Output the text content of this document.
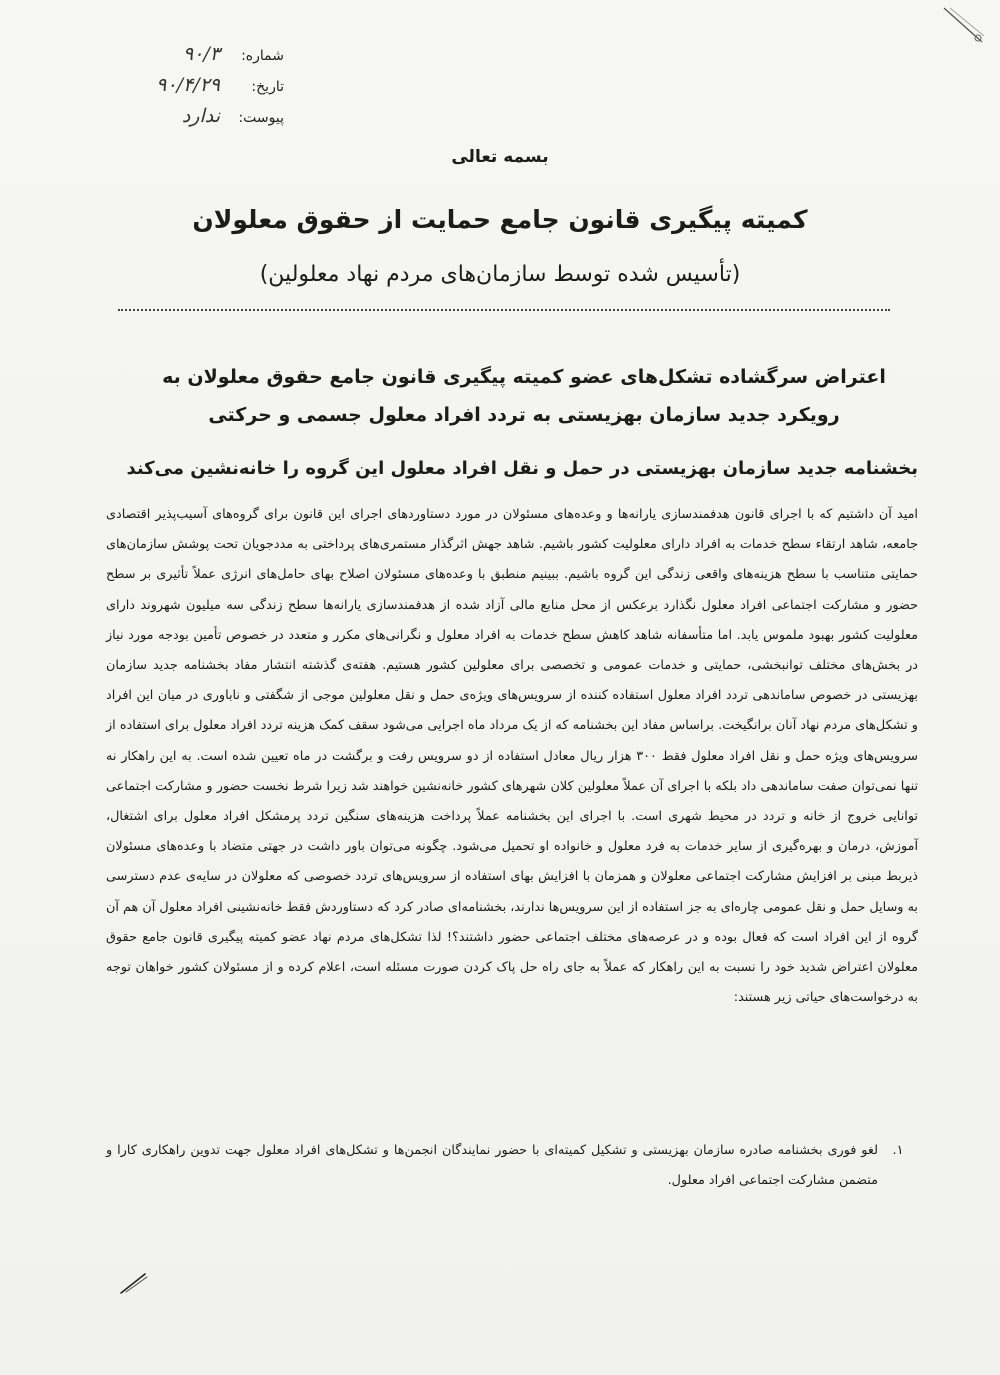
شماره:
۹۰/۳
تاریخ:
۹۰/۴/۲۹
پیوست:
ندارد
بسمه تعالی
کمیته پیگیری قانون جامع حمایت از حقوق معلولان
(تأسیس شده توسط سازمان‌های مردم نهاد معلولین)
اعتراض سرگشاده تشکل‌های عضو کمیته پیگیری قانون جامع حقوق معلولان به رویکرد جدید سازمان بهزیستی به تردد افراد معلول جسمی و حرکتی
بخشنامه جدید سازمان بهزیستی در حمل و نقل افراد معلول این گروه را خانه‌نشین می‌کند
امید آن داشتیم که با اجرای قانون هدفمندسازی یارانه‌ها و وعده‌های مسئولان در مورد دستاوردهای اجرای این قانون برای گروه‌های آسیب‌پذیر اقتصادی جامعه، شاهد ارتقاء سطح خدمات به افراد دارای معلولیت کشور باشیم. شاهد جهش اثرگذار مستمری‌های پرداختی به مددجویان تحت پوشش سازمان‌های حمایتی متناسب با سطح هزینه‌های واقعی زندگی این گروه باشیم. ببینیم منطبق با وعده‌های مسئولان اصلاح بهای حامل‌های انرژی عملاً تأثیری بر سطح حضور و مشارکت اجتماعی افراد معلول نگذارد برعکس از محل منابع مالی آزاد شده از هدفمندسازی یارانه‌ها سطح زندگی سه میلیون شهروند دارای معلولیت کشور بهبود ملموس یابد. اما متأسفانه شاهد کاهش سطح خدمات به افراد معلول و نگرانی‌های مکرر و متعدد در خصوص تأمین بودجه مورد نیاز در بخش‌های مختلف توانبخشی، حمایتی و خدمات عمومی و تخصصی برای معلولین کشور هستیم. هفته‌ی گذشته انتشار مفاد بخشنامه جدید سازمان بهزیستی در خصوص ساماندهی تردد افراد معلول استفاده کننده از سرویس‌های ویژه‌ی حمل و نقل معلولین موجی از شگفتی و ناباوری در میان این افراد و تشکل‌های مردم نهاد آنان برانگیخت. براساس مفاد این بخشنامه که از یک مرداد ماه اجرایی می‌شود سقف کمک هزینه تردد افراد معلول برای استفاده از سرویس‌های ویژه حمل و نقل افراد معلول فقط ۳۰۰ هزار ریال معادل استفاده از دو سرویس رفت و برگشت در ماه تعیین شده است. به این راهکار نه تنها نمی‌توان صفت ساماندهی داد بلکه با اجرای آن عملاً معلولین کلان شهرهای کشور خانه‌نشین خواهند شد زیرا شرط نخست حضور و مشارکت اجتماعی توانایی خروج از خانه و تردد در محیط شهری است. با اجرای این بخشنامه عملاً پرداخت هزینه‌های سنگین تردد پرمشکل افراد معلول برای اشتغال، آموزش، درمان و بهره‌گیری از سایر خدمات به فرد معلول و خانواده او تحمیل می‌شود. چگونه می‌توان باور داشت در جهتی متضاد با وعده‌های مسئولان ذیربط مبنی بر افزایش مشارکت اجتماعی معلولان و همزمان با افزایش بهای استفاده از سرویس‌های تردد خصوصی که معلولان در سایه‌ی عدم دسترسی به وسایل حمل و نقل عمومی چاره‌ای به جز استفاده از این سرویس‌ها ندارند، بخشنامه‌ای صادر کرد که دستاوردش فقط خانه‌نشینی افراد معلول آن هم آن گروه از این افراد است که فعال بوده و در عرصه‌های مختلف اجتماعی حضور داشتند؟! لذا تشکل‌های مردم نهاد عضو کمیته پیگیری قانون جامع حقوق معلولان اعتراض شدید خود را نسبت به این راهکار که عملاً به جای راه حل پاک کردن صورت مسئله است، اعلام کرده و از مسئولان کشور خواهان توجه به درخواست‌های حیاتی زیر هستند:
۱.
لغو فوری بخشنامه صادره سازمان بهزیستی و تشکیل کمیته‌ای با حضور نمایندگان انجمن‌ها و تشکل‌های افراد معلول جهت تدوین راهکاری کارا و متضمن مشارکت اجتماعی افراد معلول.
